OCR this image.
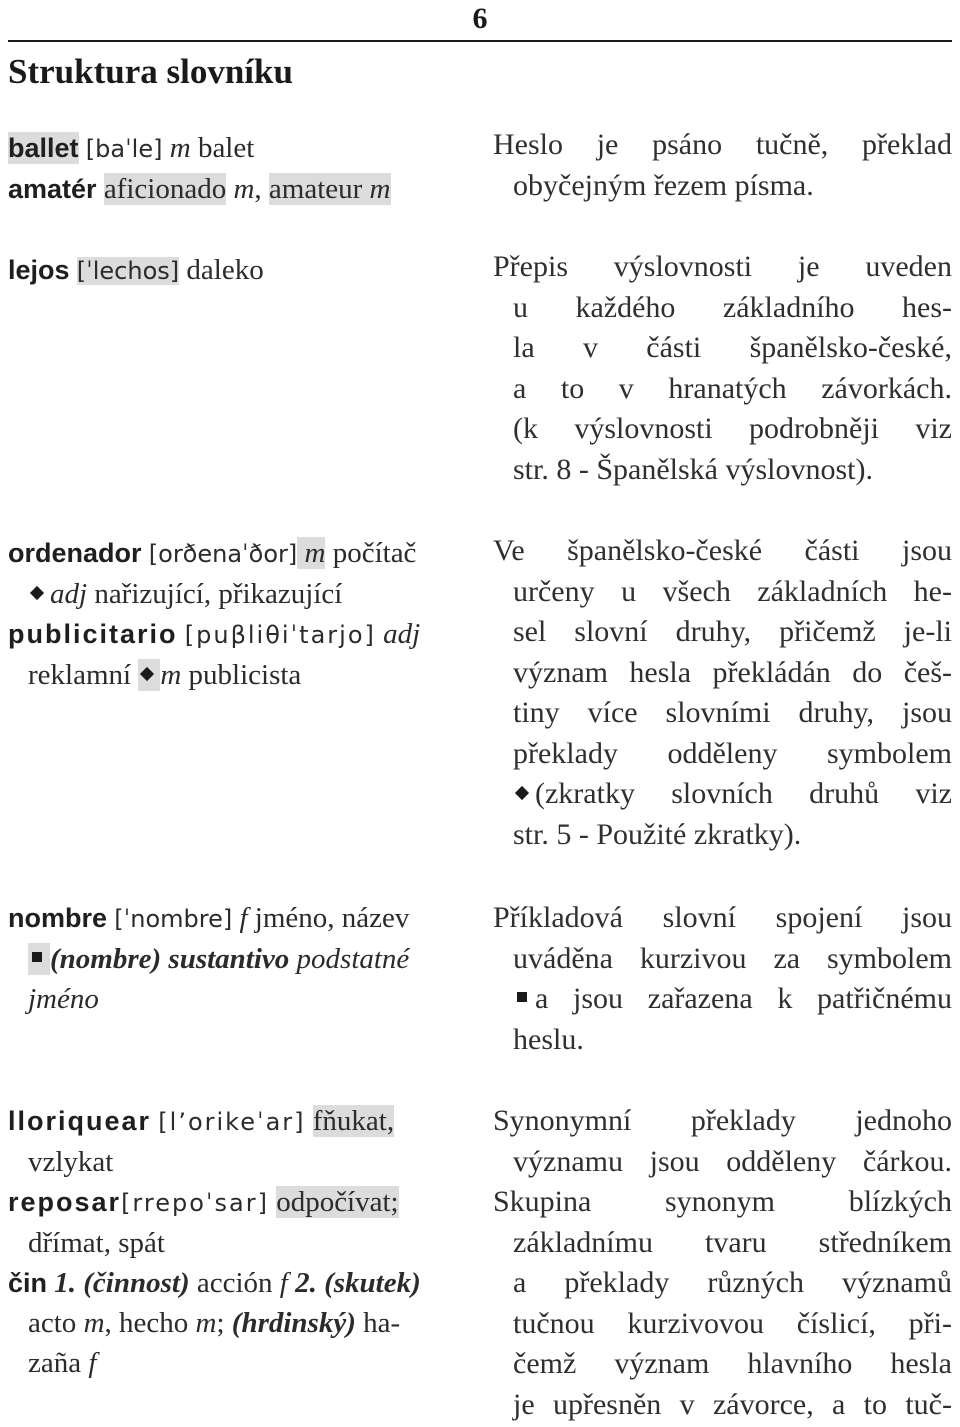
6
Struktura slovníku
ballet [baˈle] m balet
amatér aficionado m, amateur m
lejos [ˈlechos] daleko
ordenador [orðenaˈðor] m počítač
adj nařizující, přikazující
publicitario [puβliθiˈtarjo] adj
reklamní m publicista
nombre [ˈnombre] f jméno, název
(nombre) sustantivo podstatné
jméno
lloriquear [lʼorikeˈar] fňukat,
vzlykat
reposar[rrepoˈsar] odpočívat;
dřímat, spát
čin 1. (činnost) acción f 2. (skutek)
acto m, hecho m; (hrdinský) ha-
zaña f
Heslo je psáno tučně, překlad
obyčejným řezem písma.
Přepis výslovnosti je uveden
u každého základního hes-
la v části španělsko-české,
a to v hranatých závorkách.
(k výslovnosti podrobněji viz
str. 8 - Španělská výslovnost).
Ve španělsko-české části jsou
určeny u všech základních he-
sel slovní druhy, přičemž je-li
význam hesla překládán do češ-
tiny více slovními druhy, jsou
překlady odděleny symbolem
(zkratky slovních druhů viz
str. 5 - Použité zkratky).
Příkladová slovní spojení jsou
uváděna kurzivou za symbolem
a jsou zařazena k patřičnému
heslu.
Synonymní překlady jednoho
významu jsou odděleny čárkou.
Skupina synonym blízkých
základnímu tvaru středníkem
a překlady různých významů
tučnou kurzivovou číslicí, při-
čemž význam hlavního hesla
je upřesněn v závorce, a to tuč-
